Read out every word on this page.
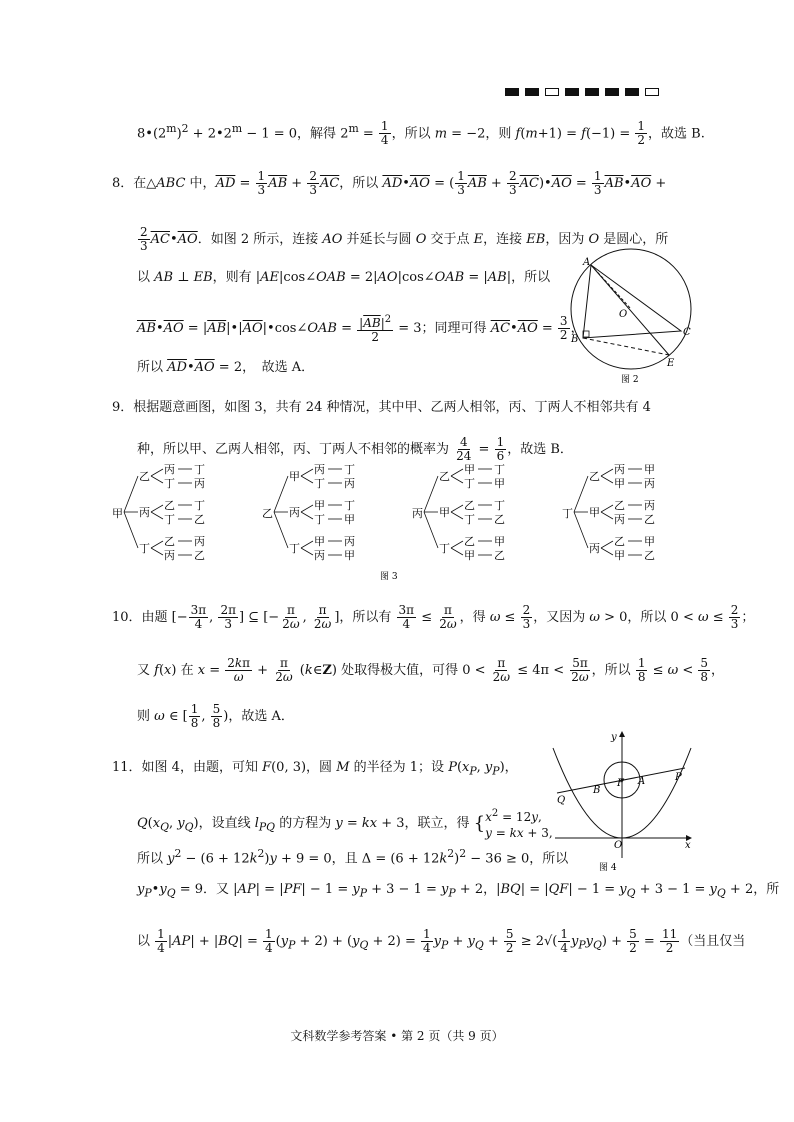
$8•(2^m)^2$ + $2•2^m - 1 = 0$，解得 $2^m = \frac{1}{4}$ ，所以 m = −2，则 $f(m+1) = f(-1) = \frac{1}{2}$ ，故选 B.
8．在△ABC 中，$\overline{AD} = \frac{1}{3} \overline{AB} + \frac{2}{3} \overline{AC}$，所以 $\overline{AD}•\overline{AO}$ = ( $\frac{1}{3} \overline{AB} + \frac{2}{3}$ $\overline{AC})•\overline{AO} = \frac{1}{3}$ $\overline{AB}•\overline{AO}$ +
$\frac{2}{3}$ $\overline{AC}•\overline{AO}$．如图 2 所示，连接 AO 并延长与圆 O 交于点 E，连接 EB，因为 O 是圆心，所
以 AB ⊥ EB，则有 |AE|cos∠OAB = 2|AO|cos∠OAB = |AB|，所以
$\overline{AB}•\overline{AO}$ = $|\overline{AB}|•|\overline{AO}|•\cos\angle OAB = \frac{|\overline{AB}|^2}{2} = 3$；同理可得 $\overline{AC}•\overline{AO} = \frac{3}{2}$ ，
所以 $\overline{AD}•\overline{AO} = 2$，　故选 A．
A
O
B
C
E
图 2
9．根据题意画图，如图 3，共有 24 种情况，其中甲、乙两人相邻，丙、丁两人不相邻共有 4
种，所以甲、乙两人相邻，丙、丁两人不相邻的概率为 $\frac{4}{24} = \frac{1}{6}$ ，故选 B．
甲
乙
丙 丁
丁 丙
丙
乙 丁
丁 乙
丁
乙 丙
丙 乙
乙
甲
丙 丁
丁 丙
丙
甲 丁
丁 甲
丁
甲 丙
丙 甲
丙
乙
甲 丁
丁 甲
甲
乙 丁
丁 乙
丁
乙 甲
甲 乙
丁
乙
丙 甲
甲 丙
甲
乙 丙
丙 乙
丙
乙 甲
甲 乙
图 3
10．由题 [− $\frac{3\pi}{4}$ , $\frac{2\pi}{3}$ ] ⊆ [− $\frac{\pi}{2\omega}$ , $\frac{\pi}{2\omega}$ ]，所以有 $\frac{3\pi}{4} \le \frac{\pi}{2\omega}$ ，得 $\omega \le \frac{2}{3}$ ，又因为 ω > 0，所以 $0 < \omega \le \frac{2}{3}$ ；
又 f(x) 在 $x = \frac{2k\pi}{\omega} + \frac{\pi}{2\omega}$ (k∈Z) 处取得极大值，可得 $0 < \frac{\pi}{2\omega} \le 4\pi < \frac{5\pi}{2\omega}$ ，所以 $\frac{1}{8} \le \omega < \frac{5}{8}$ ，
则 ω ∈ [ $\frac{1}{8}$ , $\frac{5}{8}$ )，故选 A．
11．如图 4，由题，可知 F(0, 3)，圆 M 的半径为 1；设 $P(x_P$, $y_P$)，
$Q(x_Q$, $y_Q$)，设直线 $l_{PQ}$ 的方程为 y = kx + 3，联立，得 { $x^2 = 12y$,
y = kx + 3,
所以 $y^2 - (6 + 12k^2)y + 9 = 0$，且 $\Delta = (6 + 12k^2)^2 - 36 \ge 0$，所以
$y_P•y_Q = 9$．又 $|AP| = |PF| - 1 = y_P + 3 - 1 = y_P + 2$，$|BQ| = |QF| - 1 = y_Q + 3 - 1 = y_Q + 2$，所
以 $\frac{1}{4} |AP| + |BQ| = \frac{1}{4} (y_P + 2) + (y_Q + 2) = \frac{1}{4} y_P + y_Q + \frac{5}{2} \ge 2√( \frac{1}{4} y_Py_Q) + \frac{5}{2} = \frac{11}{2}$ （当且仅当
y
Q
B
F A	P
O	x
图 4
文科数学参考答案 • 第 2 页（共 9 页）
